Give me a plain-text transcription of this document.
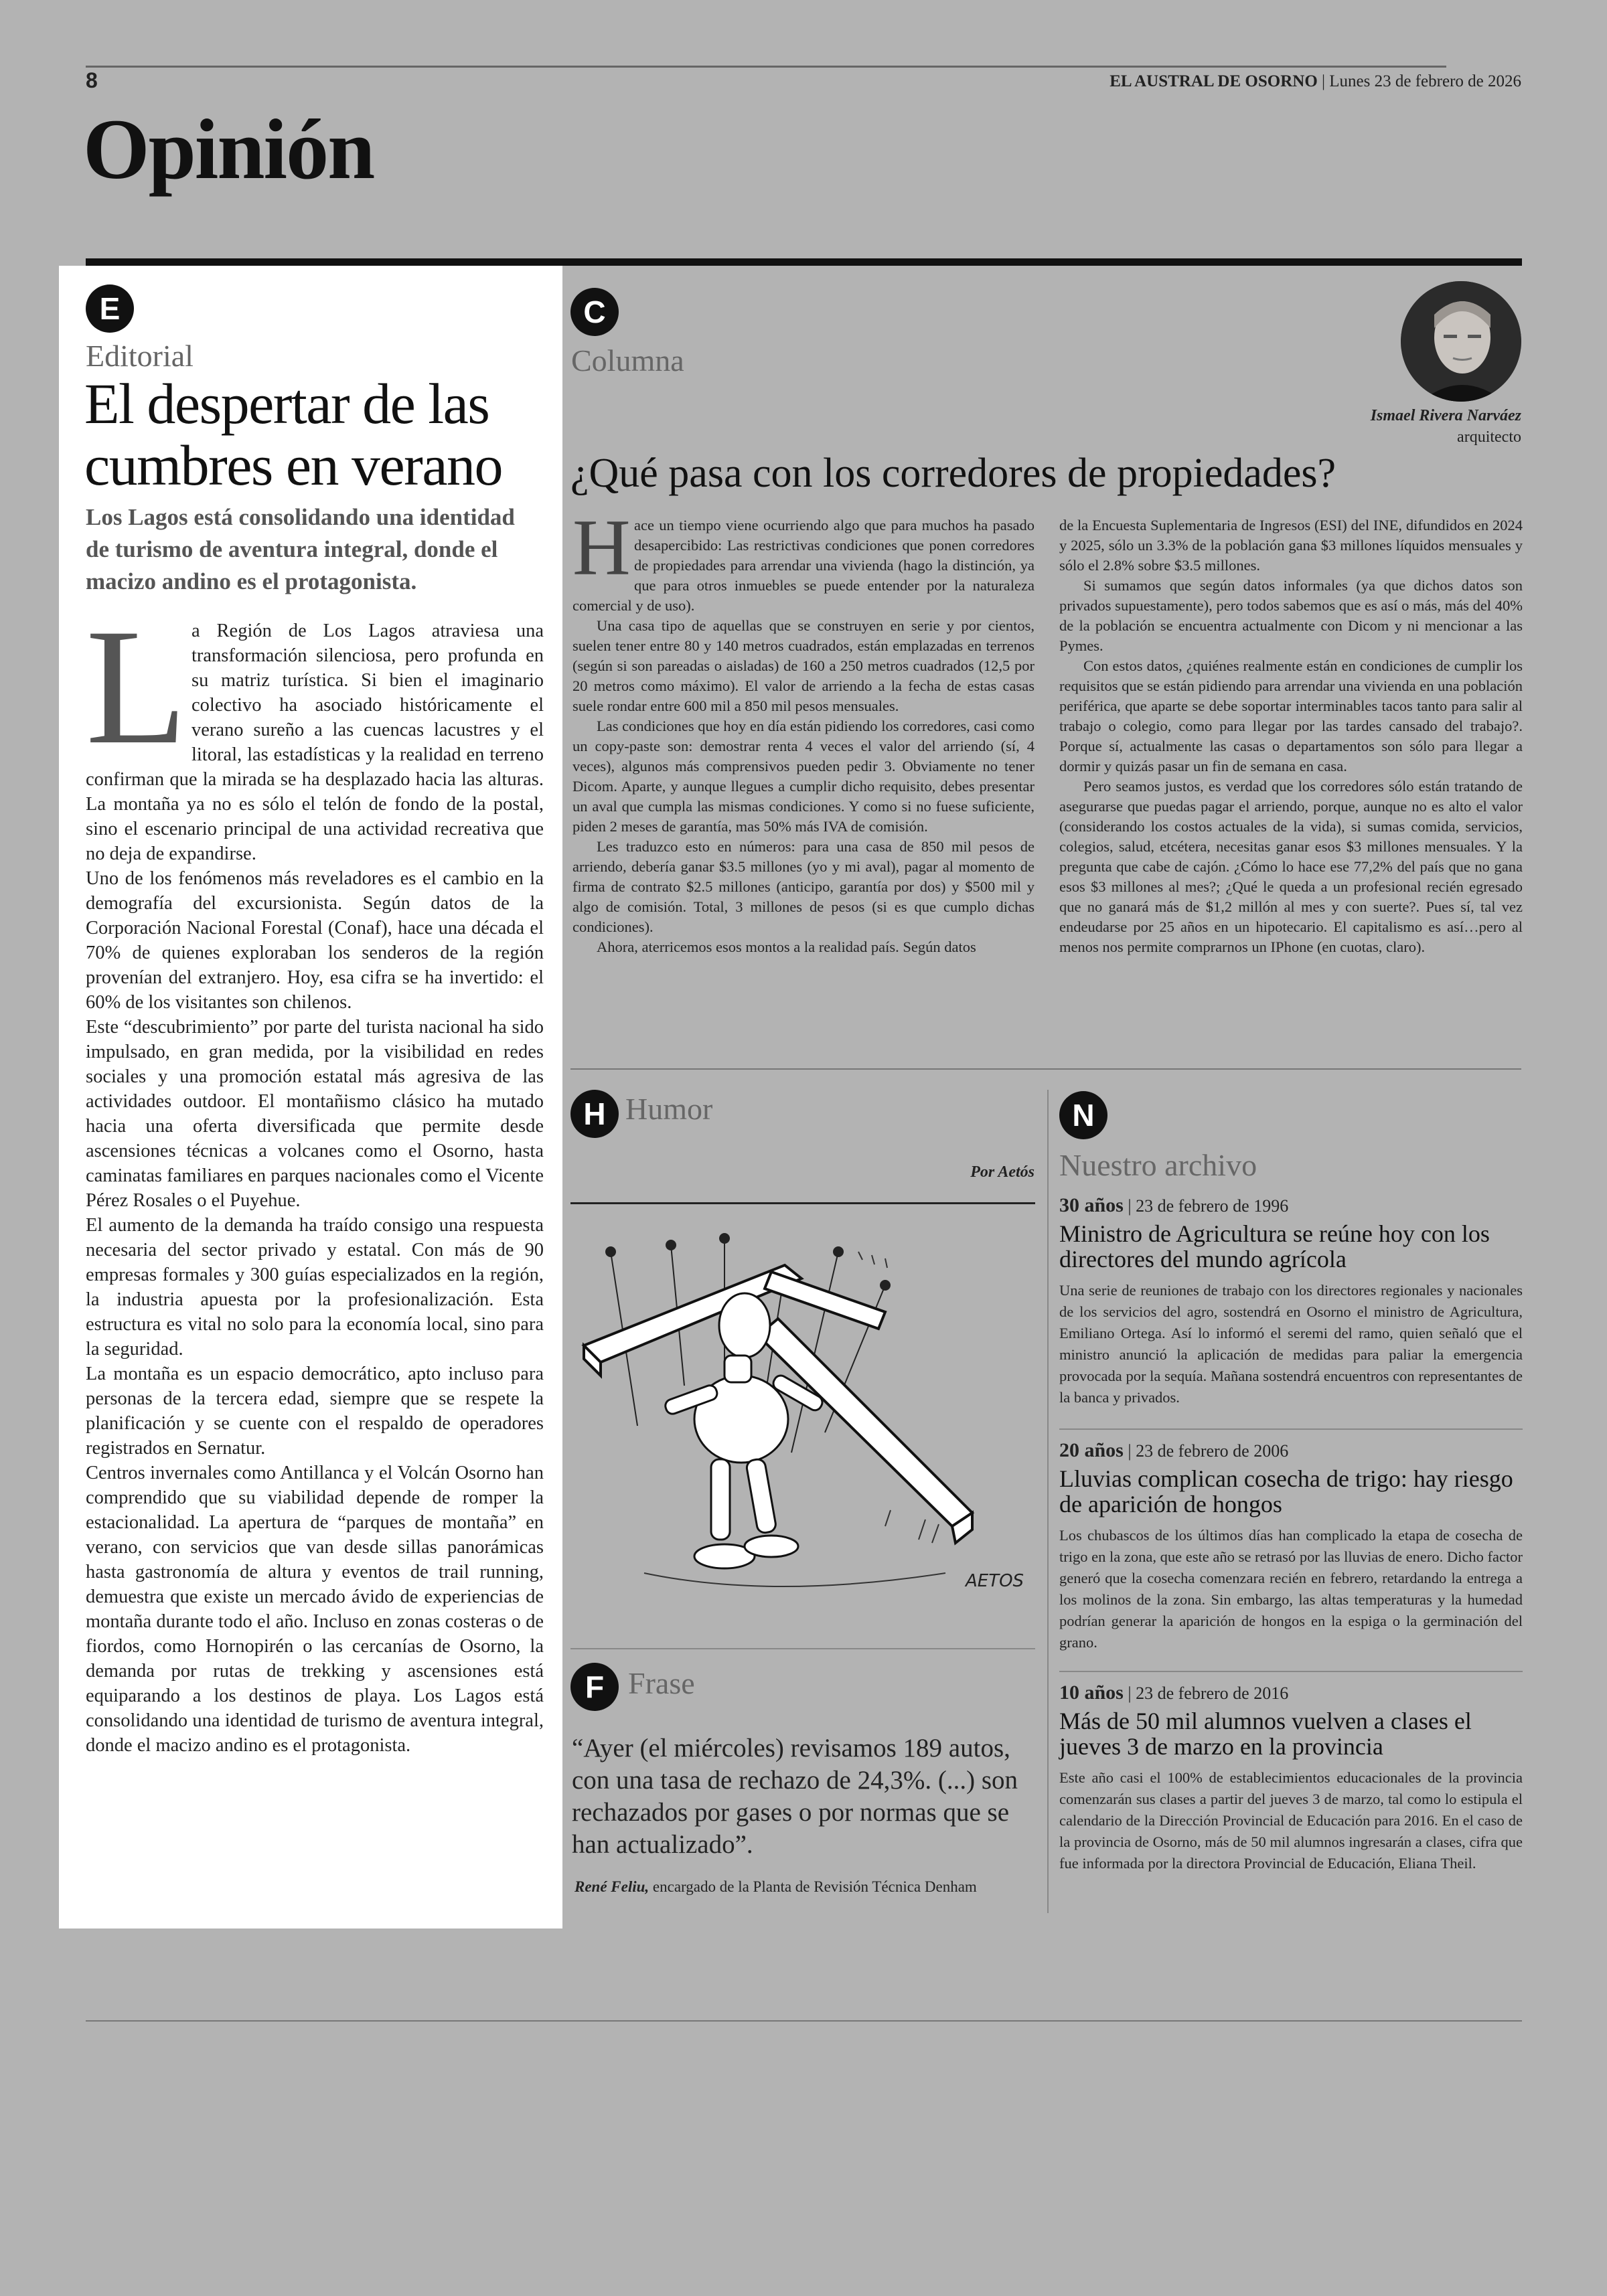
8	EL AUSTRAL DE OSORNO | Lunes 23 de febrero de 2026
Opinión
E
Editorial
El despertar de las cumbres en verano
Los Lagos está consolidando una identidad de turismo de aventura integral, donde el macizo andino es el protagonista.
L a Región de Los Lagos atraviesa una transformación silenciosa, pero profunda en su matriz turística. Si bien el imaginario colectivo ha asociado históricamente el verano sureño a las cuencas lacustres y el litoral, las estadísticas y la realidad en terreno confirman que la mirada se ha desplazado hacia las alturas. La montaña ya no es sólo el telón de fondo de la postal, sino el escenario principal de una actividad recreativa que no deja de expandirse.

Uno de los fenómenos más reveladores es el cambio en la demografía del excursionista. Según datos de la Corporación Nacional Forestal (Conaf), hace una década el 70% de quienes exploraban los senderos de la región provenían del extranjero. Hoy, esa cifra se ha invertido: el 60% de los visitantes son chilenos.

Este “descubrimiento” por parte del turista nacional ha sido impulsado, en gran medida, por la visibilidad en redes sociales y una promoción estatal más agresiva de las actividades outdoor. El montañismo clásico ha mutado hacia una oferta diversificada que permite desde ascensiones técnicas a volcanes como el Osorno, hasta caminatas familiares en parques nacionales como el Vicente Pérez Rosales o el Puyehue.

El aumento de la demanda ha traído consigo una respuesta necesaria del sector privado y estatal. Con más de 90 empresas formales y 300 guías especializados en la región, la industria apuesta por la profesionalización. Esta estructura es vital no solo para la economía local, sino para la seguridad.

La montaña es un espacio democrático, apto incluso para personas de la tercera edad, siempre que se respete la planificación y se cuente con el respaldo de operadores registrados en Sernatur.

Centros invernales como Antillanca y el Volcán Osorno han comprendido que su viabilidad depende de romper la estacionalidad. La apertura de “parques de montaña” en verano, con servicios que van desde sillas panorámicas hasta gastronomía de altura y eventos de trail running, demuestra que existe un mercado ávido de experiencias de montaña durante todo el año. Incluso en zonas costeras o de fiordos, como Hornopirén o las cercanías de Osorno, la demanda por rutas de trekking y ascensiones está equiparando a los destinos de playa. Los Lagos está consolidando una identidad de turismo de aventura integral, donde el macizo andino es el protagonista.

C
Columna
Ismael Rivera Narváez
arquitecto
¿Qué pasa con los corredores de propiedades?
H ace un tiempo viene ocurriendo algo que para muchos ha pasado desapercibido: Las restrictivas condiciones que ponen corredores de propiedades para arrendar una vivienda (hago la distinción, ya que para otros inmuebles se puede entender por la naturaleza comercial y de uso).

Una casa tipo de aquellas que se construyen en serie y por cientos, suelen tener entre 80 y 140 metros cuadrados, están emplazadas en terrenos (según si son pareadas o aisladas) de 160 a 250 metros cuadrados (12,5 por 20 metros como máximo). El valor de arriendo a la fecha de estas casas suele rondar entre 600 mil a 850 mil pesos mensuales.

Las condiciones que hoy en día están pidiendo los corredores, casi como un copy-paste son: demostrar renta 4 veces el valor del arriendo (sí, 4 veces), algunos más comprensivos pueden pedir 3. Obviamente no tener Dicom. Aparte, y aunque llegues a cumplir dicho requisito, debes presentar un aval que cumpla las mismas condiciones. Y como si no fuese suficiente, piden 2 meses de garantía, mas 50% más IVA de comisión.

Les traduzco esto en números: para una casa de 850 mil pesos de arriendo, debería ganar $3.5 millones (yo y mi aval), pagar al momento de firma de contrato $2.5 millones (anticipo, garantía por dos) y $500 mil y algo de comisión. Total, 3 millones de pesos (si es que cumplo dichas condiciones).

Ahora, aterricemos esos montos a la realidad país. Según datos

de la Encuesta Suplementaria de Ingresos (ESI) del INE, difundidos en 2024 y 2025, sólo un 3.3% de la población gana $3 millones líquidos mensuales y sólo el 2.8% sobre $3.5 millones.

Si sumamos que según datos informales (ya que dichos datos son privados supuestamente), pero todos sabemos que es así o más, más del 40% de la población se encuentra actualmente con Dicom y ni mencionar a las Pymes.

Con estos datos, ¿quiénes realmente están en condiciones de cumplir los requisitos que se están pidiendo para arrendar una vivienda en una población periférica, que aparte se debe soportar interminables tacos tanto para salir al trabajo o colegio, como para llegar por las tardes cansado del trabajo?. Porque sí, actualmente las casas o departamentos son sólo para llegar a dormir y quizás pasar un fin de semana en casa.

Pero seamos justos, es verdad que los corredores sólo están tratando de asegurarse que puedas pagar el arriendo, porque, aunque no es alto el valor (considerando los costos actuales de la vida), si sumas comida, servicios, colegios, salud, etcétera, necesitas ganar esos $3 millones mensuales. Y la pregunta que cabe de cajón. ¿Cómo lo hace ese 77,2% del país que no gana esos $3 millones al mes?; ¿Qué le queda a un profesional recién egresado que no ganará más de $1,2 millón al mes y con suerte?. Pues sí, tal vez endeudarse por 25 años en un hipotecario. El capitalismo es así…pero al menos nos permite comprarnos un IPhone (en cuotas, claro).

H Humor
Por Aetós
AETOS
F Frase
“Ayer (el miércoles) revisamos 189 autos, con una tasa de rechazo de 24,3%. (...) son rechazados por gases o por normas que se han actualizado”.
René Feliu, encargado de la Planta de Revisión Técnica Denham
N
Nuestro archivo
30 años | 23 de febrero de 1996
Ministro de Agricultura se reúne hoy con los directores del mundo agrícola
Una serie de reuniones de trabajo con los directores regionales y nacionales de los servicios del agro, sostendrá en Osorno el ministro de Agricultura, Emiliano Ortega. Así lo informó el seremi del ramo, quien señaló que el ministro anunció la aplicación de medidas para paliar la emergencia provocada por la sequía. Mañana sostendrá encuentros con representantes de la banca y privados.
20 años | 23 de febrero de 2006
Lluvias complican cosecha de trigo: hay riesgo de aparición de hongos
Los chubascos de los últimos días han complicado la etapa de cosecha de trigo en la zona, que este año se retrasó por las lluvias de enero. Dicho factor generó que la cosecha comenzara recién en febrero, retardando la entrega a los molinos de la zona. Sin embargo, las altas temperaturas y la humedad podrían generar la aparición de hongos en la espiga o la germinación del grano.
10 años | 23 de febrero de 2016
Más de 50 mil alumnos vuelven a clases el jueves 3 de marzo en la provincia
Este año casi el 100% de establecimientos educacionales de la provincia comenzarán sus clases a partir del jueves 3 de marzo, tal como lo estipula el calendario de la Dirección Provincial de Educación para 2016. En el caso de la provincia de Osorno, más de 50 mil alumnos ingresarán a clases, cifra que fue informada por la directora Provincial de Educación, Eliana Theil.
